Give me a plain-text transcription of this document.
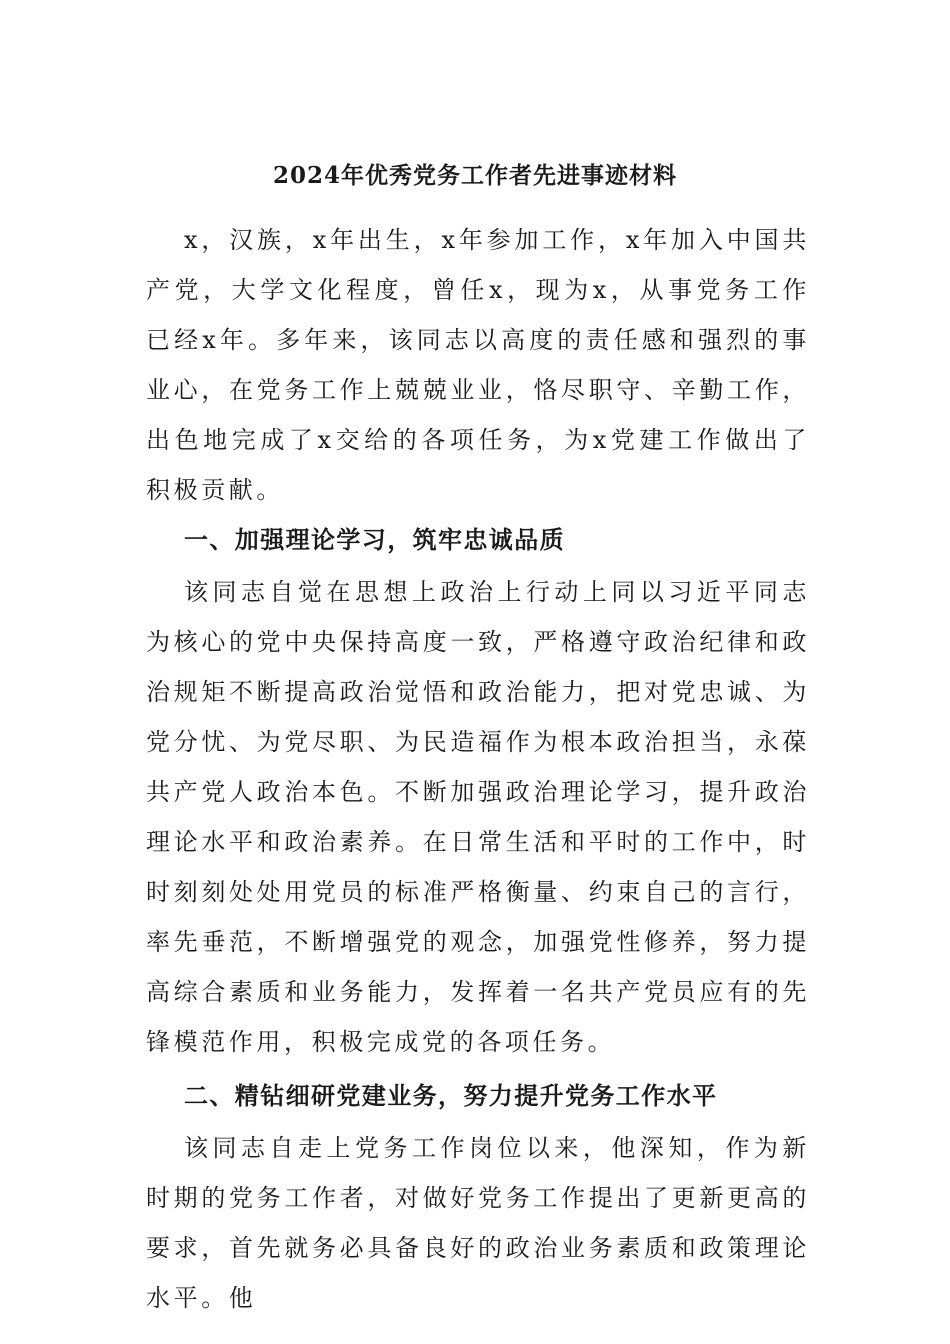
2024年优秀党务工作者先进事迹材料

x，汉族，x年出生，x年参加工作，x年加入中国共产党，大学文化程度，曾任x，现为x，从事党务工作已经x年。多年来，该同志以高度的责任感和强烈的事业心，在党务工作上兢兢业业，恪尽职守、辛勤工作，出色地完成了x交给的各项任务，为x党建工作做出了积极贡献。

一、加强理论学习，筑牢忠诚品质

该同志自觉在思想上政治上行动上同以习近平同志为核心的党中央保持高度一致，严格遵守政治纪律和政治规矩不断提高政治觉悟和政治能力，把对党忠诚、为党分忧、为党尽职、为民造福作为根本政治担当，永葆共产党人政治本色。不断加强政治理论学习，提升政治理论水平和政治素养。在日常生活和平时的工作中，时时刻刻处处用党员的标准严格衡量、约束自己的言行，率先垂范，不断增强党的观念，加强党性修养，努力提高综合素质和业务能力，发挥着一名共产党员应有的先锋模范作用，积极完成党的各项任务。

二、精钻细研党建业务，努力提升党务工作水平

该同志自走上党务工作岗位以来，他深知，作为新时期的党务工作者，对做好党务工作提出了更新更高的要求，首先就务必具备良好的政治业务素质和政策理论水平。他
